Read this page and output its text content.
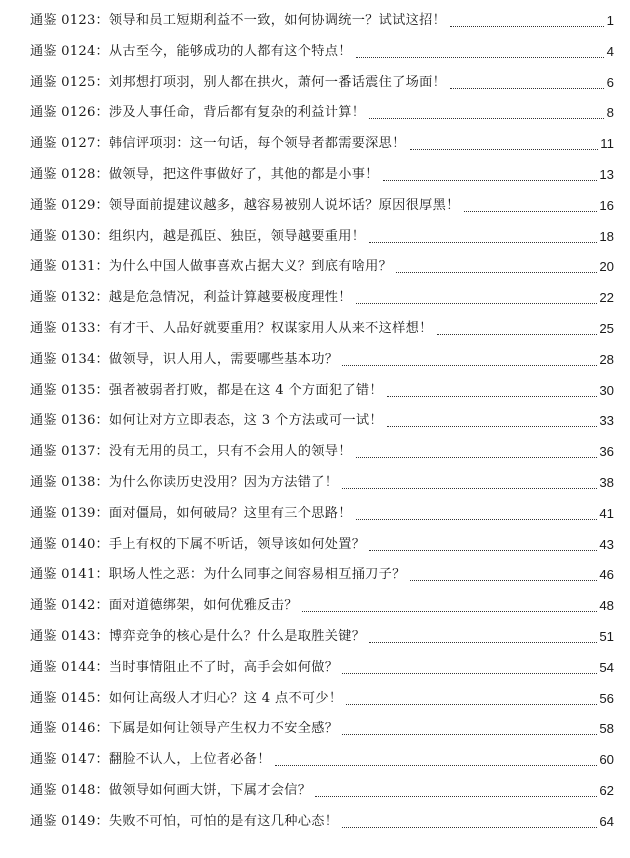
通鉴 0123： 领导和员工短期利益不一致，如何协调统一？试试这招！	1
通鉴 0124： 从古至今，能够成功的人都有这个特点！	4
通鉴 0125： 刘邦想打项羽，别人都在拱火，萧何一番话震住了场面！	6
通鉴 0126： 涉及人事任命，背后都有复杂的利益计算！	8
通鉴 0127： 韩信评项羽：这一句话，每个领导者都需要深思！	11
通鉴 0128： 做领导，把这件事做好了，其他的都是小事！	13
通鉴 0129： 领导面前提建议越多，越容易被别人说坏话？原因很厚黑！	16
通鉴 0130： 组织内，越是孤臣、独臣，领导越要重用！	18
通鉴 0131： 为什么中国人做事喜欢占据大义？到底有啥用？	20
通鉴 0132： 越是危急情况，利益计算越要极度理性！	22
通鉴 0133： 有才干、人品好就要重用？权谋家用人从来不这样想！	25
通鉴 0134： 做领导，识人用人，需要哪些基本功？	28
通鉴 0135： 强者被弱者打败，都是在这 4 个方面犯了错！	30
通鉴 0136： 如何让对方立即表态，这 3 个方法或可一试！	33
通鉴 0137： 没有无用的员工，只有不会用人的领导！	36
通鉴 0138： 为什么你读历史没用？因为方法错了！	38
通鉴 0139： 面对僵局，如何破局？这里有三个思路！	41
通鉴 0140： 手上有权的下属不听话，领导该如何处置？	43
通鉴 0141： 职场人性之恶：为什么同事之间容易相互捅刀子？	46
通鉴 0142： 面对道德绑架，如何优雅反击？	48
通鉴 0143： 博弈竞争的核心是什么？什么是取胜关键？	51
通鉴 0144： 当时事情阻止不了时，高手会如何做？	54
通鉴 0145： 如何让高级人才归心？这 4 点不可少！	56
通鉴 0146： 下属是如何让领导产生权力不安全感？	58
通鉴 0147： 翻脸不认人，上位者必备！	60
通鉴 0148： 做领导如何画大饼，下属才会信？	62
通鉴 0149： 失败不可怕，可怕的是有这几种心态！	64
